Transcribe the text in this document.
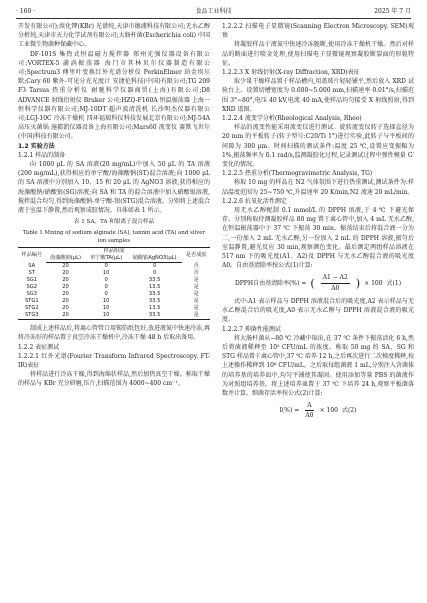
· 160 ·	食品工业科技	2025 年 7 月

开发有限公司);溴化钾(KBr) 光谱纯,天津市德浦科技有限公司;无水乙醇 分析纯,天津市天力化学试剂有限公司;大肠杆菌(Escherichia coli) 中国工业微生物菌种保藏中心。

DF-101S 集热式恒温磁力搅拌器 郑州光强仪器设备有限公司;VORTEX-5 漩涡振荡器 海门市其林贝尔仪器制造有限公司;Spectrum3 傅里叶变换红外光谱分析仪 PerkinElmer 珀金埃尔默;Cary 60 紫外-可见分光光度计 安捷伦科技(中国)有限公司;TG 209 F3 Tarsus 热重分析仪 耐驰科学仪器商贸(上海)有限公司;D8 ADVANCE 射线衍射仪 Bruker 公司;HZQ-F160A 恒温振荡器 上海一恒科学仪器有限公司;MJ-10DT 超声波清洗机 长沙明杰仪器有限公司;LGJ-10C 冷冻干燥机 四环福瑞科仪科技发展北京有限公司;MJ-54A 高压灭菌锅 施都凯仪器设备上海有限公司;Mars60 流变仪 赛默飞世尔(中国)科技有限公司。

1.2 实验方法
1.2.1 样品的制备

向 1000 μL 的 SA 溶液(20 mg/mL)中加入 50 μL 的 TA 溶液(200 mg/mL),获得相应的单宁酸/海藻酸钠(ST)混合溶液;向 1000 μL 的 SA 溶液中分别加入 10、15 和 20 μL 的 AgNO3 溶液,获得相应的海藻酸钠/硝酸银(SG)溶液;向 SA 和 TA 的混合溶液中加入硝酸银溶液,搅拌混合均匀,得到海藻酸钠-单宁酸-银(STG)混合溶液。分别将上述混合液于室温下静置,然后观察成胶情况。具体如表 1 所示。

表 1 SA、TA 和银离子混合样品
Table 1 Mixing of sodium alginate (SA), tannin acid (TA) and silver ion samples
样品编号	样品组成			是否成胶
	海藻酸钠(μL)	单宁酸TA(μL)	硝酸银AgNO3(μL)	
SA	20	0	0	否
ST	20	10	0	否
SG1	20	0	33.5	是
SG2	20	0	13.5	是
SG3	20	0	33.5	是
STG1	20	10	33.5	是
STG2	20	10	13.5	是
STG3	20	10	33.5	是

制成上述样品后,将离心管管口用锡箔纸包好,放进液氮中快速冷冻,再将冷冻好的样品置于真空冷冻干燥机中,冷冻干燥 48 h 后取出备用。

1.2.2 表征测试
1.2.2.1 红外光谱(Fourier Transform Infrared Spectroscopy, FT-IR)表征

将样品进行冷冻干燥,得到海绵状样品,然后加热真空干燥。称取干燥的样品与 KBr 充分研磨,压片,扫描范围为 4000~400 cm⁻¹。

1.2.2.2 扫描电子显微镜(Scanning Electron Microscopy, SEM)观察

将凝胶样品于液氮中快速冷冻脆断,使用冷冻干燥机干燥。然后对样品的断面进行喷金处理,使用扫描电子显微镜观察凝胶断裂面的形貌特征。

1.2.2.3 X 射线衍射(X-ray Diffraction, XRD)表征

取少量干燥样品置于样品槽内,用盖玻片轻轻铺平,然后放入 XRD 试验台上。设置切槽宽度为 0.600~5.000 mm,扫描速率 0.01°/s,扫描范围 3°~80°,电压 40 kV,电流 40 mA,使样品均匀接受 X 射线照射,得到 XRD 谱图。

1.2.2.4 流变学分析(Rheological Analysis, Rheo)

样品的流变性能采用流变仪进行测试。旋转流变仪转子选择直径为 20 mm 的平板转子(转子型号:C20/Ti 1°)进行实验,此转子与平板间的间隙为 300 μm。时间扫描的测试条件:温度 25 ℃,设置应变振幅为 1%,振荡频率为 0.1 rad/s,监测凝胶化过程,记录测试过程中弹性模量 G′ 变化的情况。

1.2.2.5 热重分析(Thermogravimetric Analysis, TG)

称取 10 mg 的样品在 N2 气体氛围下进行热重测试,测试条件为:样品温度范围为 25~750 ℃,升温速率 20 K/min,N2 流速 20 mL/min。

1.2.2.6 抗氧化活性测定

用无水乙醇配制 0.1 mmol/L 的 DPPH 溶液,于 4 ℃ 下避光保存。分别称取待测凝胶样品 80 mg 置于离心管中,加入 4 mL 无水乙醇,在恒温振荡器中于 37 ℃ 下振荡 30 min。振荡结束后将混合液一分为二,一份加入 2 mL 无水乙醇,另一份加入 2 mL 的 DPPH 溶液,振匀后室温静置,避光反应 30 min,观察颜色变化。最后测定两组样品溶液在 517 nm 下的吸光度(A1、A2)及 DPPH 与无水乙醇混合液的吸光度 A0。自由基清除率按公式(1)计算:

DPPH自由基清除率(%) = ( $\frac{A1 - A2}{A0}$ ) × 100 式(1)

式中:A1 表示样品与 DPPH 溶液混合后的吸光度,A2 表示样品与无水乙醇混合后的吸光度,A0 表示无水乙醇与 DPPH 溶液混合液的吸光度。

1.2.2.7 抑菌性能测试

将大肠杆菌从−80 ℃ 冷藏中取出,在 37 ℃ 条件下振荡活化 6 h,然后将菌液稀释至 10⁵ CFU/mL 的浓度。称取 50 mg 的 SA、SG 和 STG 样品置于离心管中,37 ℃ 培养 12 h,之后再次进行二次梯度稀释,按上述操作稀释到 10⁶ CFU/mL。之后取每组菌液 1 mL,分别注入含菌体的培养基的培养皿中,均匀平铺使其凝固。使用添加等量 PBS 的菌液作为对照组培养基。将上述培养皿置于 37 ℃ 下培养 24 h,观察平板菌落数并计算。细菌存活率按公式(2)计算:

$I(\%) = \frac{A}{A0} \times 100$ 式(2)
